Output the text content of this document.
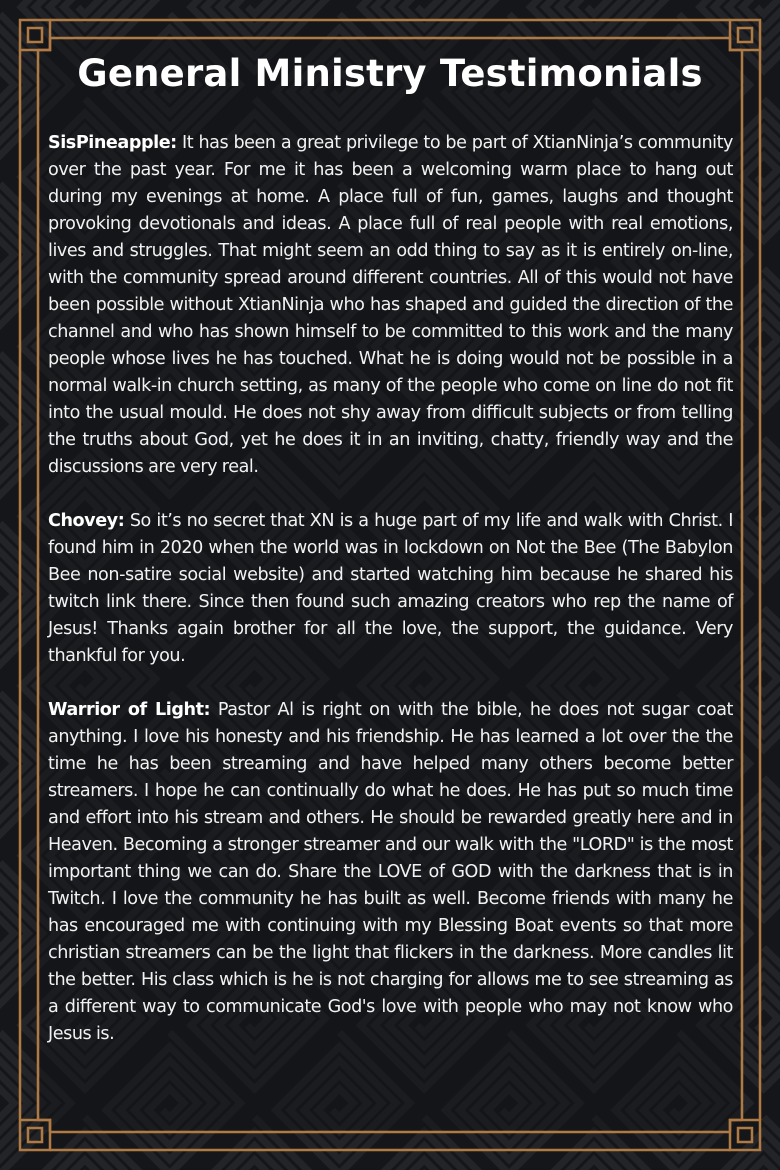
General Ministry Testimonials

SisPineapple: It has been a great privilege to be part of XtianNinja’s community over the past year. For me it has been a welcoming warm place to hang out during my evenings at home. A place full of fun, games, laughs and thought provoking devotionals and ideas. A place full of real people with real emotions, lives and struggles. That might seem an odd thing to say as it is entirely on-line, with the community spread around different countries. All of this would not have been possible without XtianNinja who has shaped and guided the direction of the channel and who has shown himself to be committed to this work and the many people whose lives he has touched. What he is doing would not be possible in a normal walk-in church setting, as many of the people who come on line do not fit into the usual mould. He does not shy away from difficult subjects or from telling the truths about God, yet he does it in an inviting, chatty, friendly way and the discussions are very real.

Chovey: So it’s no secret that XN is a huge part of my life and walk with Christ. I found him in 2020 when the world was in lockdown on Not the Bee (The Babylon Bee non-satire social website) and started watching him because he shared his twitch link there. Since then found such amazing creators who rep the name of Jesus! Thanks again brother for all the love, the support, the guidance. Very thankful for you.

Warrior of Light: Pastor Al is right on with the bible, he does not sugar coat anything. I love his honesty and his friendship. He has learned a lot over the the time he has been streaming and have helped many others become better streamers. I hope he can continually do what he does. He has put so much time and effort into his stream and others. He should be rewarded greatly here and in Heaven. Becoming a stronger streamer and our walk with the "LORD" is the most important thing we can do. Share the LOVE of GOD with the darkness that is in Twitch. I love the community he has built as well. Become friends with many he has encouraged me with continuing with my Blessing Boat events so that more christian streamers can be the light that flickers in the darkness. More candles lit the better. His class which is he is not charging for allows me to see streaming as a different way to communicate God's love with people who may not know who Jesus is.
